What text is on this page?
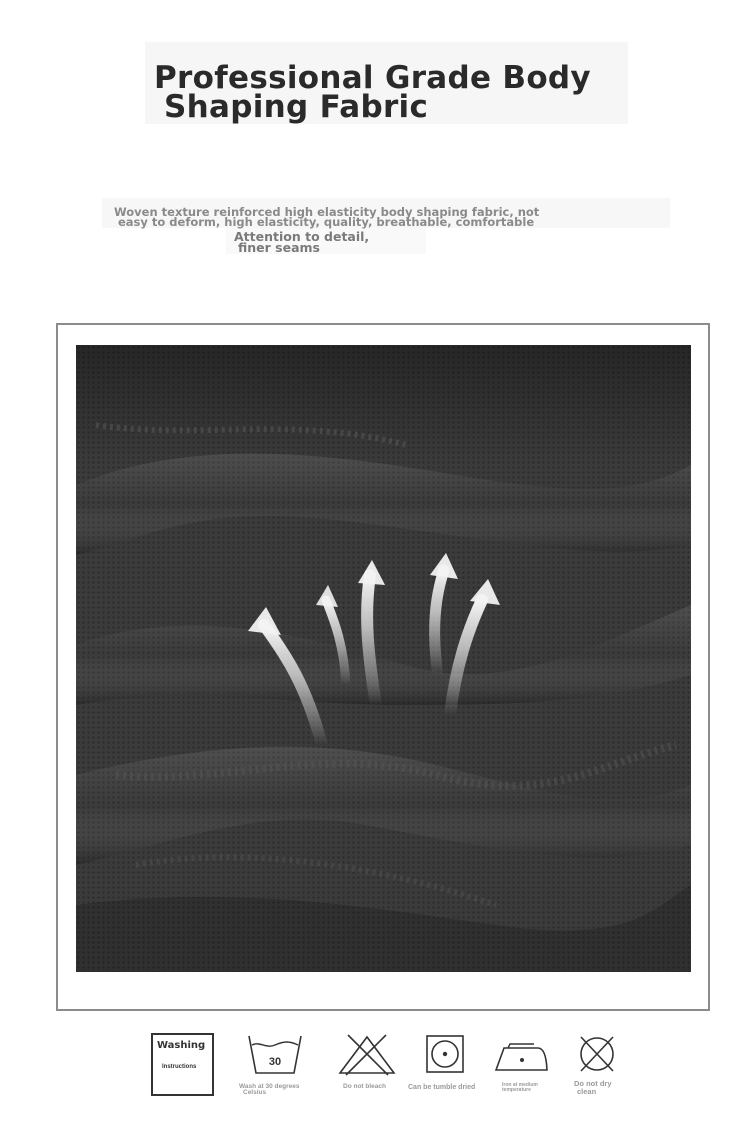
Professional Grade Body
Shaping Fabric
Woven texture reinforced high elasticity body shaping fabric, not
easy to deform, high elasticity, quality, breathable, comfortable
Attention to detail,
finer seams
Washing
Instructions	30
Wash at 30 degrees
Celsius
Do not bleach	Can be tumble dried	Iron at medium
temperature
Do not dry
clean
